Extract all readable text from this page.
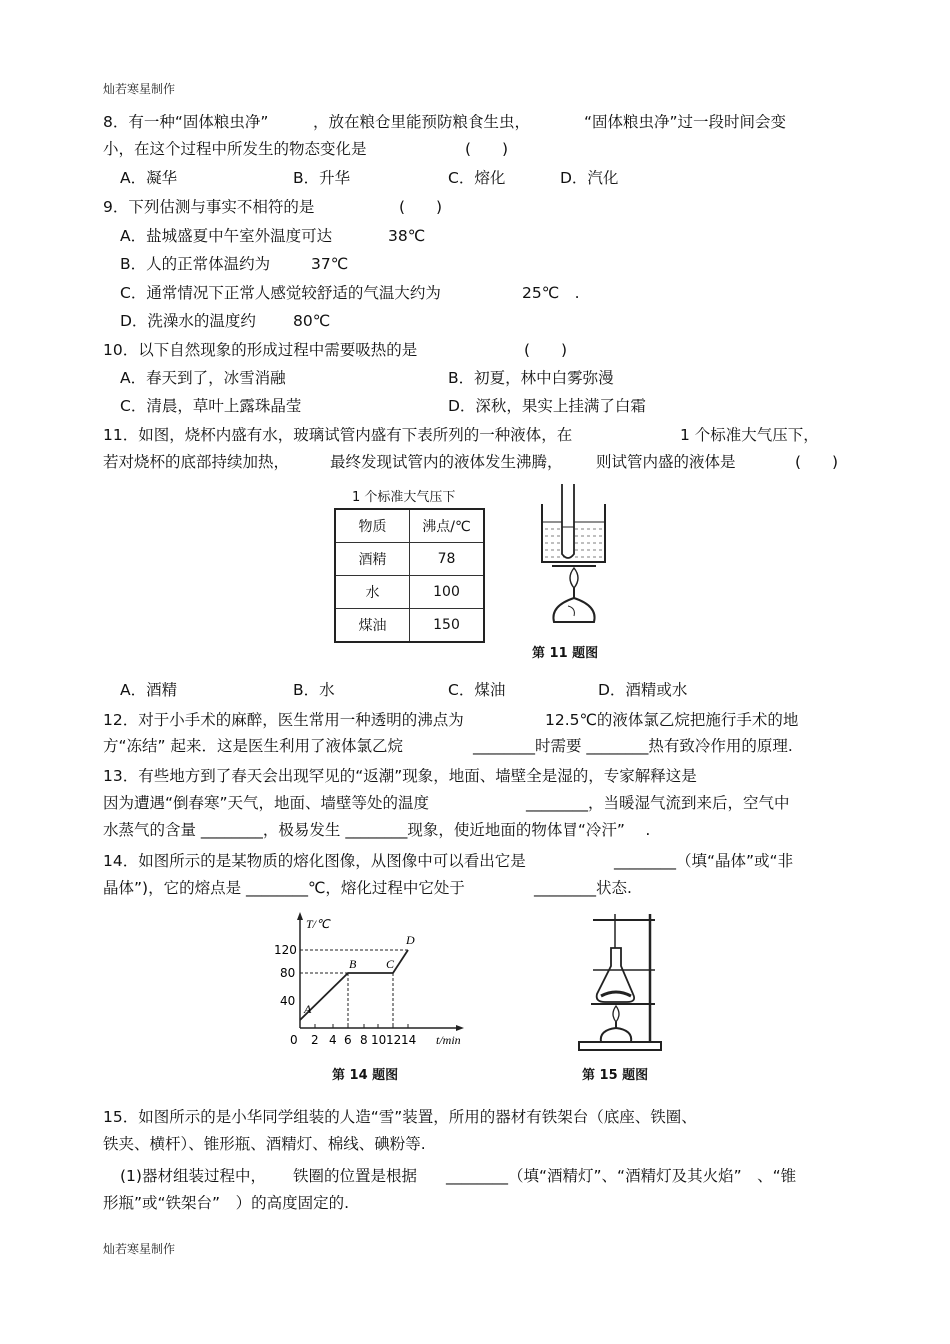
灿若寒星制作
8．有一种“固体粮虫净”	，放在粮仓里能预防粮食生虫，	“固体粮虫净”过一段时间会变
小，在这个过程中所发生的物态变化是	(　　)
A．凝华	B．升华	C．熔化	D．汽化
9．下列估测与事实不相符的是	(　　)
A．盐城盛夏中午室外温度可达	38℃
B．人的正常体温约为	37℃
C．通常情况下正常人感觉较舒适的气温大约为	25℃　.
D．洗澡水的温度约 80℃
10．以下自然现象的形成过程中需要吸热的是	(　　)
A．春天到了，冰雪消融	B．初夏，林中白雾弥漫
C．清晨，草叶上露珠晶莹	D．深秋，果实上挂满了白霜
11．如图，烧杯内盛有水，玻璃试管内盛有下表所列的一种液体，在	1 个标准大气压下，
若对烧杯的底部持续加热，	最终发现试管内的液体发生沸腾， 则试管内盛的液体是	(　　)
1 个标准大气压下
物质	沸点/℃
酒精	78
水	100
煤油	150
第 11 题图
A．酒精	B．水	C．煤油	D．酒精或水
12．对于小手术的麻醉，医生常用一种透明的沸点为	12.5℃的液体氯乙烷把施行手术的地
方“冻结” 起来．这是医生利用了液体氯乙烷	________时需要 ________热有致冷作用的原理.
13．有些地方到了春天会出现罕见的“返潮”现象，地面、墙壁全是湿的，专家解释这是
因为遭遇“倒春寒”天气，地面、墙壁等处的温度	________，当暖湿气流到来后，空气中
水蒸气的含量 ________，极易发生 ________现象，使近地面的物体冒“冷汗”　 .
14．如图所示的是某物质的熔化图像，从图像中可以看出它是	________（填“晶体”或“非
晶体”)，它的熔点是 ________℃，熔化过程中它处于	________状态.
T/℃
t/min
40
80
120
0 2 4 6 8 10 12 14
A
B C
D
第 14 题图	第 15 题图
15．如图所示的是小华同学组装的人造“雪”装置，所用的器材有铁架台（底座、铁圈、
铁夹、横杆）、锥形瓶、酒精灯、棉线、碘粉等.
(1)器材组装过程中， 铁圈的位置是根据 ________（填“酒精灯”、“酒精灯及其火焰”　、“锥
形瓶”或“铁架台”　）的高度固定的.
灿若寒星制作
